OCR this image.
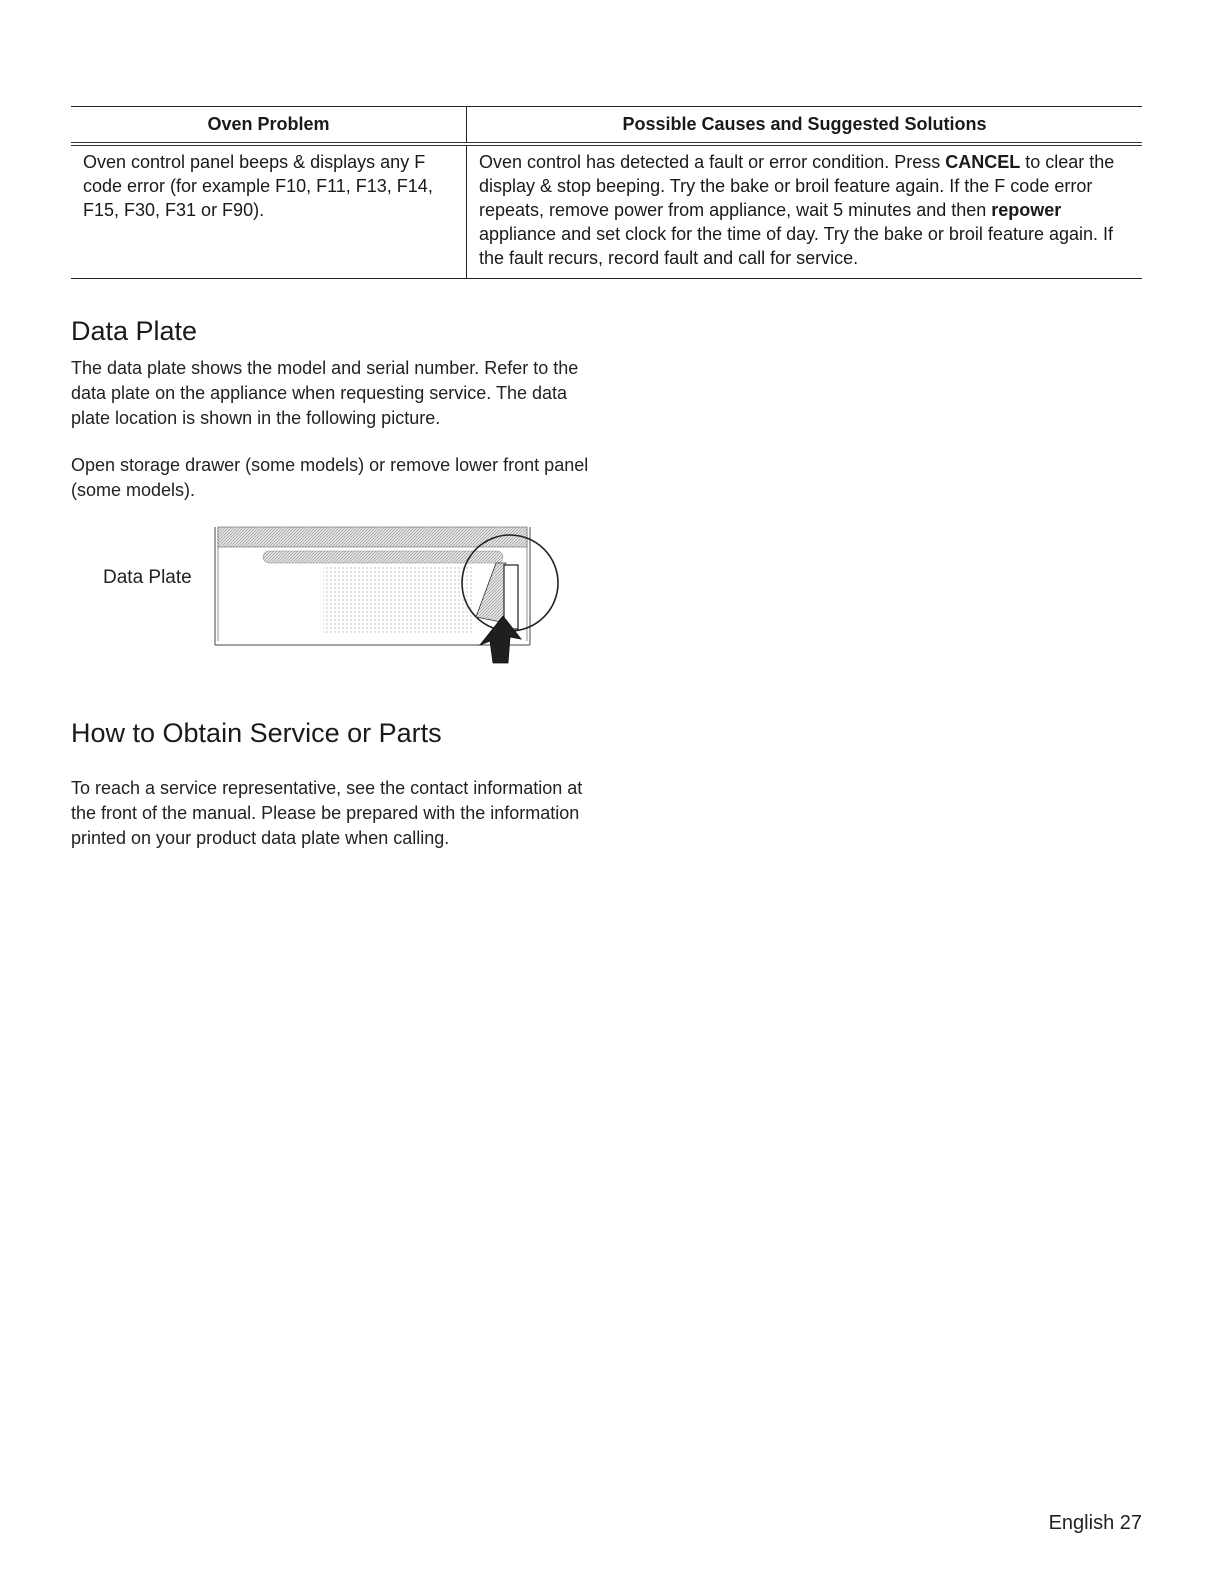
Oven Problem	Possible Causes and Suggested Solutions
Oven control panel beeps & displays any F code error (for example F10, F11, F13, F14, F15, F30, F31 or F90).	Oven control has detected a fault or error condition. Press CANCEL to clear the display & stop beeping. Try the bake or broil feature again. If the F code error repeats, remove power from appliance, wait 5 minutes and then repower appliance and set clock for the time of day. Try the bake or broil feature again. If the fault recurs, record fault and call for service.
Data Plate

The data plate shows the model and serial number. Refer to the data plate on the appliance when requesting service. The data plate location is shown in the following picture.

Open storage drawer (some models) or remove lower front panel (some models).

Data Plate
How to Obtain Service or Parts

To reach a service representative, see the contact information at the front of the manual. Please be prepared with the information printed on your product data plate when calling.

English 27
